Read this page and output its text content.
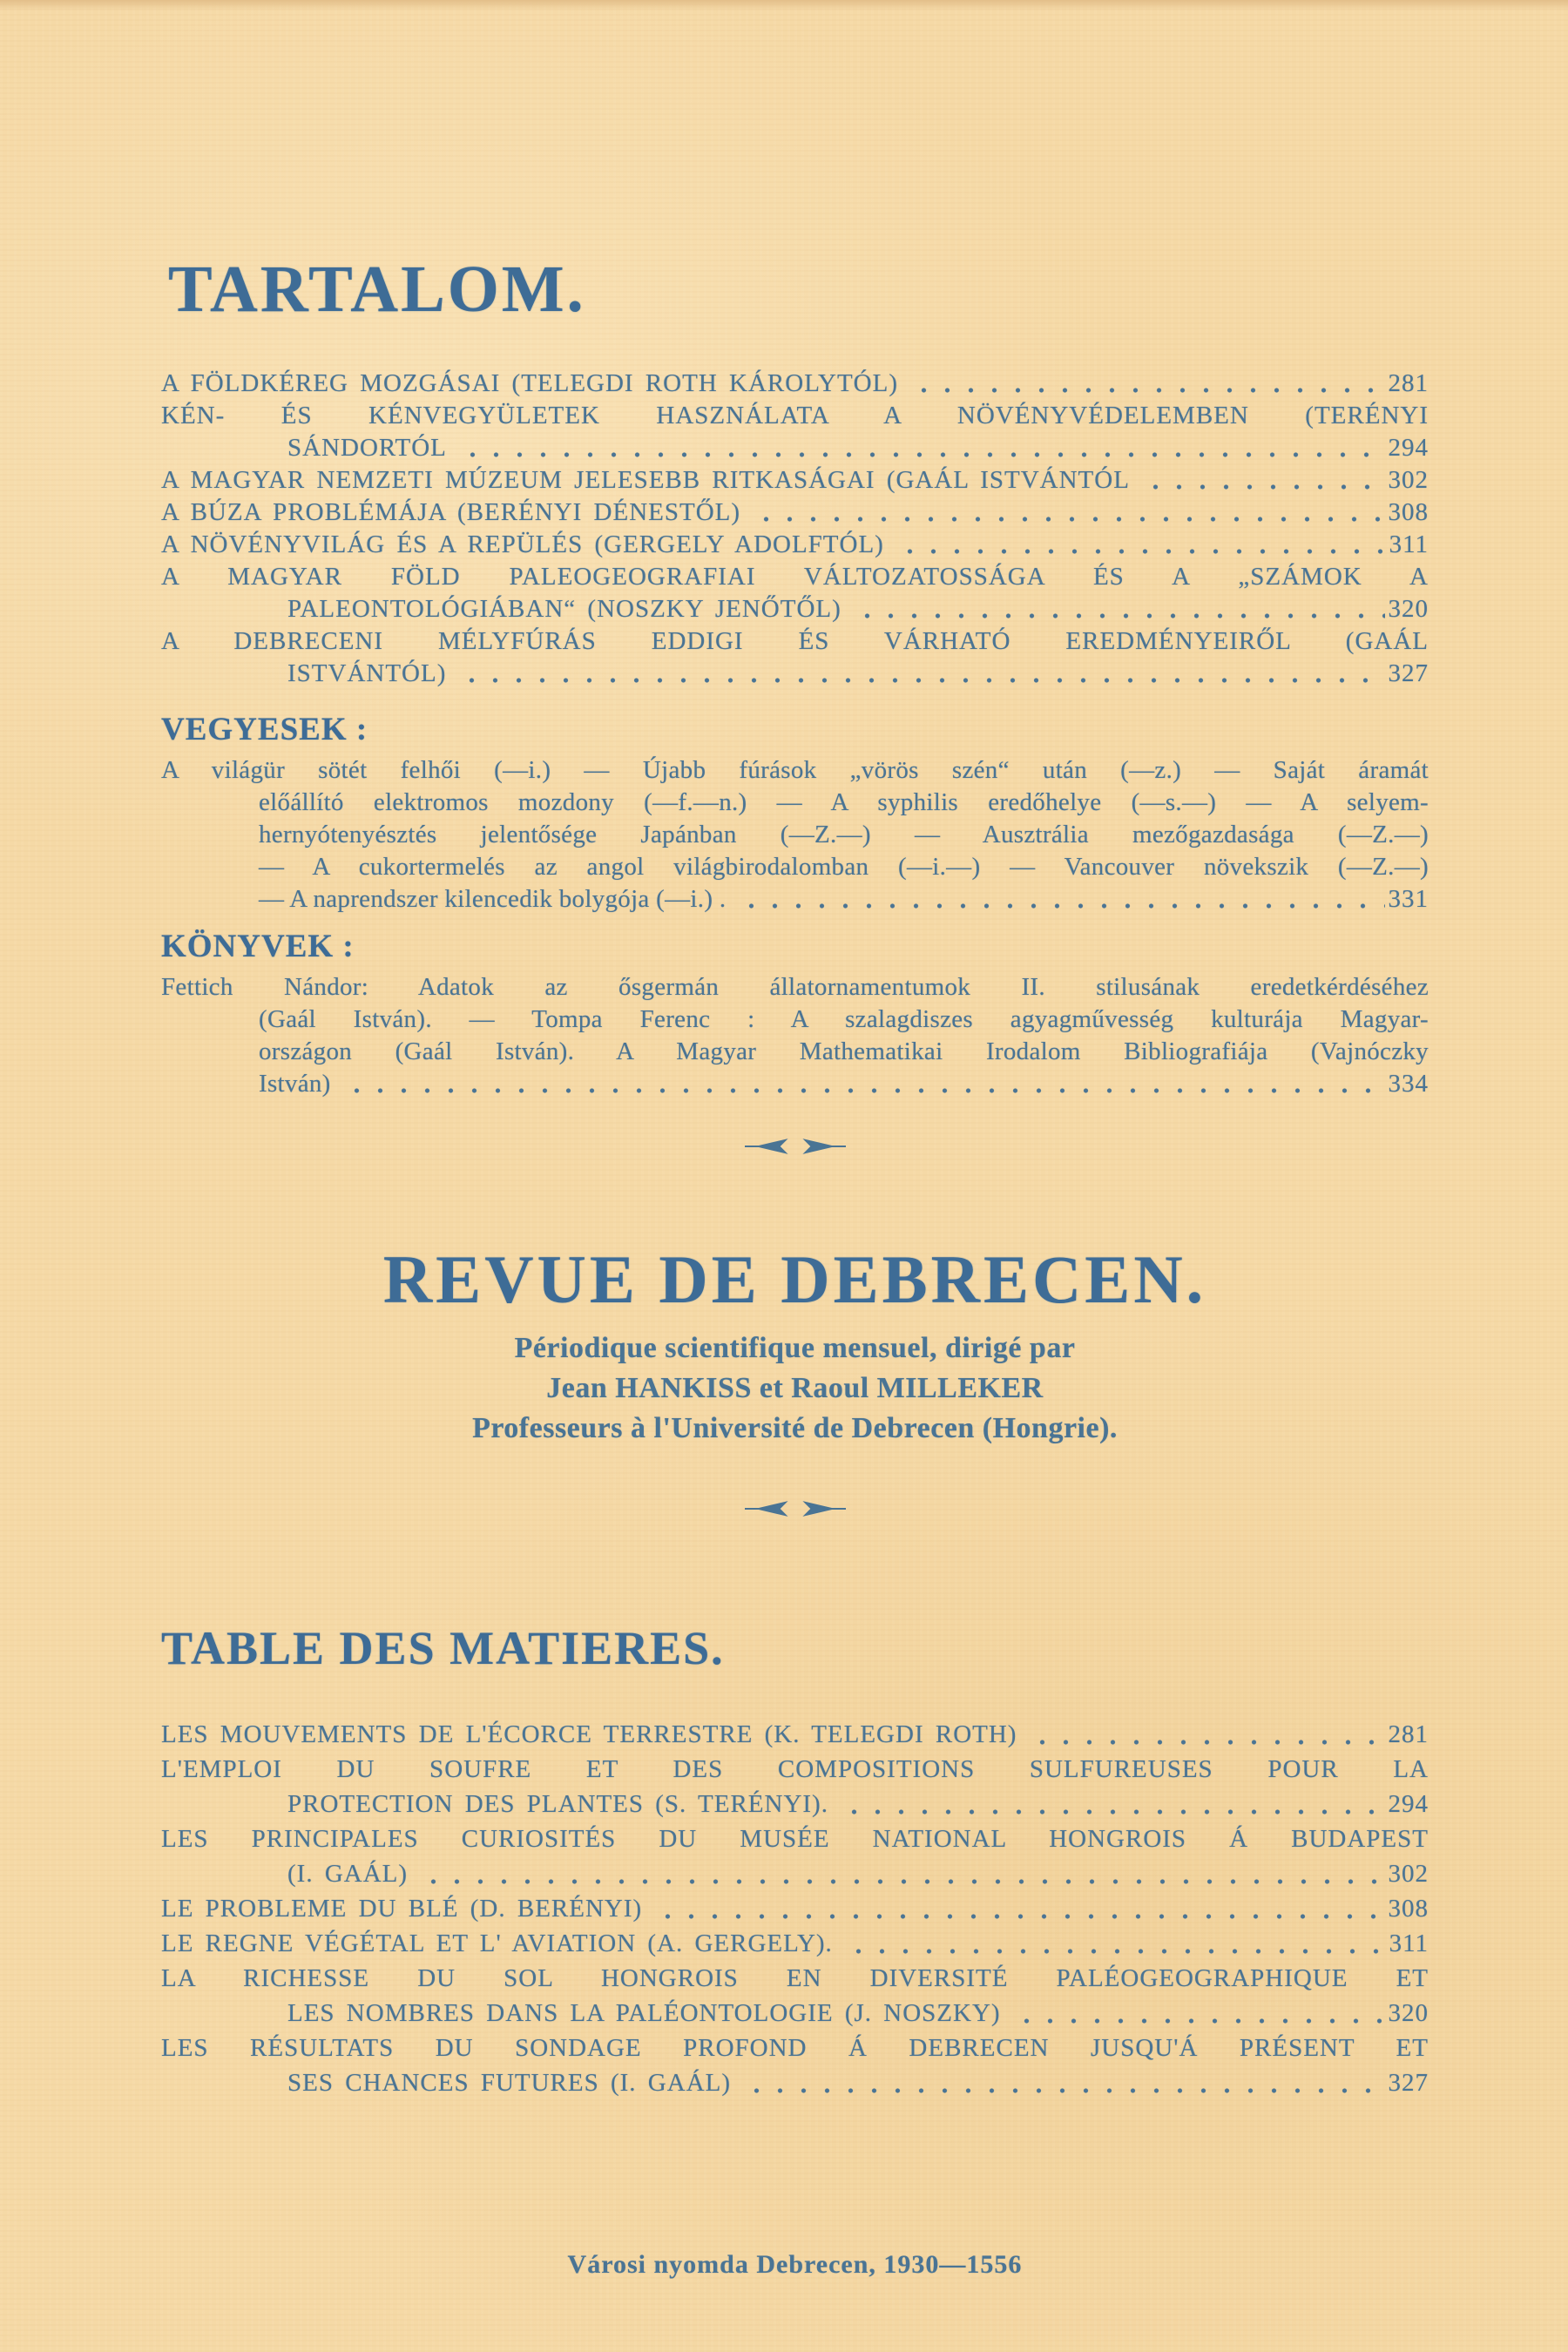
TARTALOM.
A FÖLDKÉREG MOZGÁSAI (TELEGDI ROTH KÁROLYTÓL)	281
KÉN- ÉS KÉNVEGYÜLETEK HASZNÁLATA A NÖVÉNYVÉDELEMBEN (TERÉNYI
SÁNDORTÓL	294
A MAGYAR NEMZETI MÚZEUM JELESEBB RITKASÁGAI (GAÁL ISTVÁNTÓL	302
A BÚZA PROBLÉMÁJA (BERÉNYI DÉNESTŐL)	308
A NÖVÉNYVILÁG ÉS A REPÜLÉS (GERGELY ADOLFTÓL)	311
A MAGYAR FÖLD PALEOGEOGRAFIAI VÁLTOZATOSSÁGA ÉS A „SZÁMOK A
PALEONTOLÓGIÁBAN“ (NOSZKY JENŐTŐL)	320
A DEBRECENI MÉLYFÚRÁS EDDIGI ÉS VÁRHATÓ EREDMÉNYEIRŐL (GAÁL
ISTVÁNTÓL)	327
VEGYESEK :
A világür sötét felhői (—i.) — Újabb fúrások „vörös szén“ után (—z.) — Saját áramát
előállító elektromos mozdony (—f.—n.) — A syphilis eredőhelye (—s.—) — A selyem-
hernyótenyésztés jelentősége Japánban (—Z.—) — Ausztrália mezőgazdasága (—Z.—)
— A cukortermelés az angol világbirodalomban (—i.—) — Vancouver növekszik (—Z.—)
— A naprendszer kilencedik bolygója (—i.) .	331
KÖNYVEK :
Fettich Nándor: Adatok az ősgermán állatornamentumok II. stilusának eredetkérdéséhez
(Gaál István). — Tompa Ferenc : A szalagdiszes agyagművesség kulturája Magyar-
országon (Gaál István). A Magyar Mathematikai Irodalom Bibliografiája (Vajnóczky
István)	334
REVUE DE DEBRECEN.
Périodique scientifique mensuel, dirigé par
Jean HANKISS et Raoul MILLEKER
Professeurs à l'Université de Debrecen (Hongrie).
TABLE DES MATIERES.
LES MOUVEMENTS DE L'ÉCORCE TERRESTRE (K. TELEGDI ROTH)	281
L'EMPLOI DU SOUFRE ET DES COMPOSITIONS SULFUREUSES POUR LA
PROTECTION DES PLANTES (S. TERÉNYI).	294
LES PRINCIPALES CURIOSITÉS DU MUSÉE NATIONAL HONGROIS Á BUDAPEST
(I. GAÁL)	302
LE PROBLEME DU BLÉ (D. BERÉNYI)	308
LE REGNE VÉGÉTAL ET L' AVIATION (A. GERGELY).	311
LA RICHESSE DU SOL HONGROIS EN DIVERSITÉ PALÉOGEOGRAPHIQUE ET
LES NOMBRES DANS LA PALÉONTOLOGIE (J. NOSZKY)	320
LES RÉSULTATS DU SONDAGE PROFOND Á DEBRECEN JUSQU'Á PRÉSENT ET
SES CHANCES FUTURES (I. GAÁL)	327
Városi nyomda Debrecen, 1930—1556
